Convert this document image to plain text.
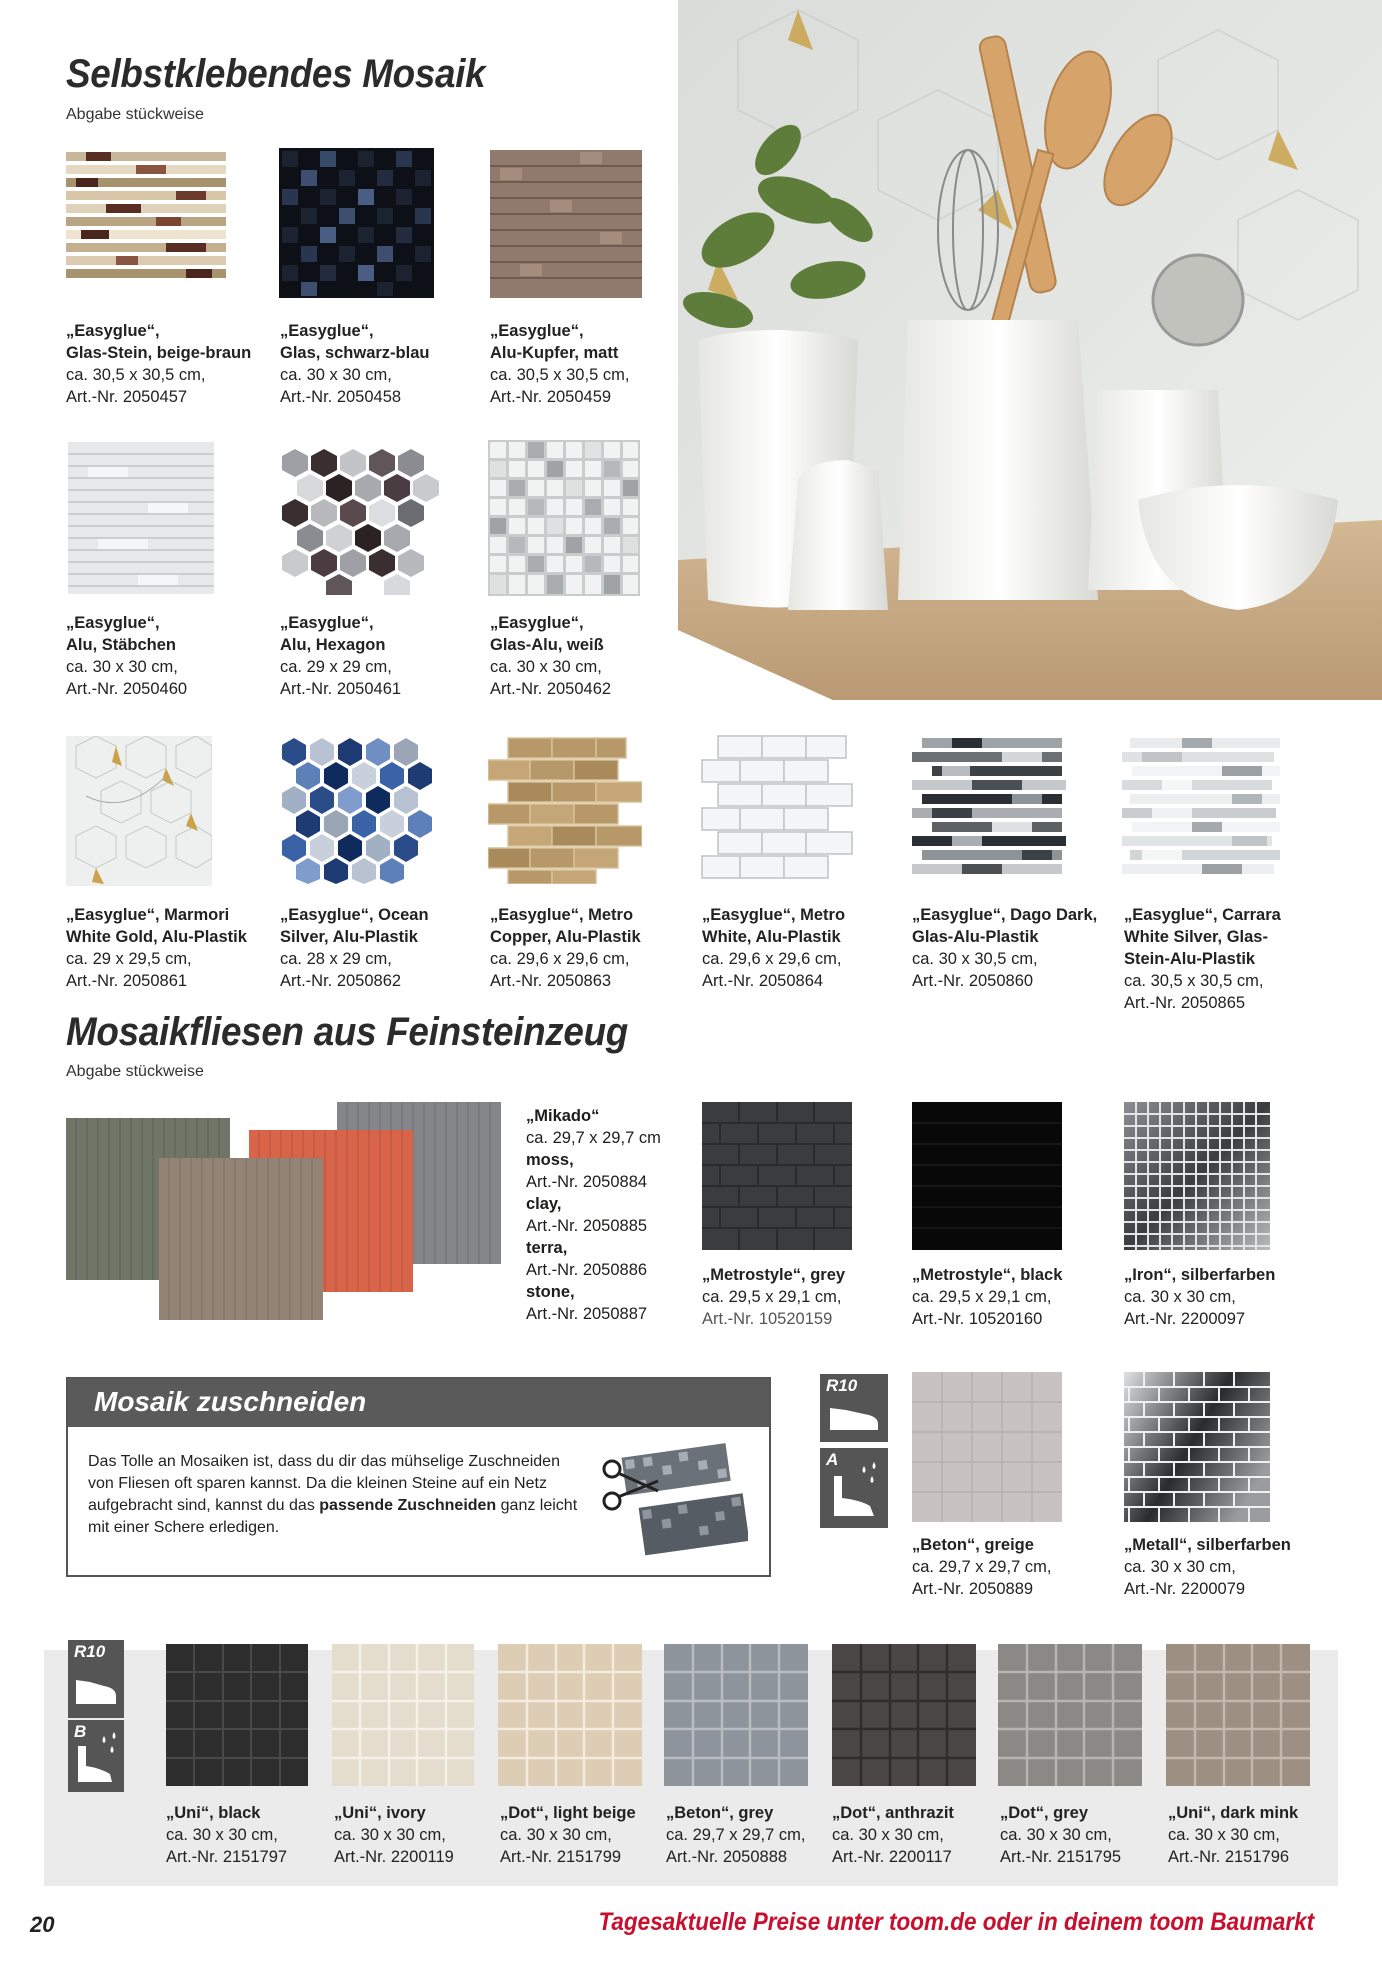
Selbstklebendes Mosaik
Abgabe stückweise
„Easyglue“,
Glas-Stein, beige-braun
ca. 30,5 x 30,5 cm,
Art.-Nr. 2050457
„Easyglue“,
Glas, schwarz-blau
ca. 30 x 30 cm,
Art.-Nr. 2050458
„Easyglue“,
Alu-Kupfer, matt
ca. 30,5 x 30,5 cm,
Art.-Nr. 2050459
„Easyglue“,
Alu, Stäbchen
ca. 30 x 30 cm,
Art.-Nr. 2050460
„Easyglue“,
Alu, Hexagon
ca. 29 x 29 cm,
Art.-Nr. 2050461
„Easyglue“,
Glas-Alu, weiß
ca. 30 x 30 cm,
Art.-Nr. 2050462
„Easyglue“, Marmori
White Gold, Alu-Plastik
ca. 29 x 29,5 cm,
Art.-Nr. 2050861
„Easyglue“, Ocean
Silver, Alu-Plastik
ca. 28 x 29 cm,
Art.-Nr. 2050862
„Easyglue“, Metro
Copper, Alu-Plastik
ca. 29,6 x 29,6 cm,
Art.-Nr. 2050863
„Easyglue“, Metro
White, Alu-Plastik
ca. 29,6 x 29,6 cm,
Art.-Nr. 2050864
„Easyglue“, Dago Dark,
Glas-Alu-Plastik
ca. 30 x 30,5 cm,
Art.-Nr. 2050860
„Easyglue“, Carrara
White Silver, Glas-
Stein-Alu-Plastik
ca. 30,5 x 30,5 cm,
Art.-Nr. 2050865
Mosaikfliesen aus Feinsteinzeug
Abgabe stückweise
„Mikado“
ca. 29,7 x 29,7 cm
moss,
Art.-Nr. 2050884
clay,
Art.-Nr. 2050885
terra,
Art.-Nr. 2050886
stone,
Art.-Nr. 2050887
„Metrostyle“, grey
ca. 29,5 x 29,1 cm,
Art.-Nr. 10520159
„Metrostyle“, black
ca. 29,5 x 29,1 cm,
Art.-Nr. 10520160
„Iron“, silberfarben
ca. 30 x 30 cm,
Art.-Nr. 2200097
Mosaik zuschneiden
Das Tolle an Mosaiken ist, dass du dir das mühselige Zuschneiden von Fliesen oft sparen kannst. Da die kleinen Steine auf ein Netz aufgebracht sind, kannst du das passende Zuschneiden ganz leicht mit einer Schere erledigen.
R10
A
„Beton“, greige
ca. 29,7 x 29,7 cm,
Art.-Nr. 2050889
„Metall“, silberfarben
ca. 30 x 30 cm,
Art.-Nr. 2200079
R10
B
„Uni“, black
ca. 30 x 30 cm,
Art.-Nr. 2151797
„Uni“, ivory
ca. 30 x 30 cm,
Art.-Nr. 2200119
„Dot“, light beige
ca. 30 x 30 cm,
Art.-Nr. 2151799
„Beton“, grey
ca. 29,7 x 29,7 cm,
Art.-Nr. 2050888
„Dot“, anthrazit
ca. 30 x 30 cm,
Art.-Nr. 2200117
„Dot“, grey
ca. 30 x 30 cm,
Art.-Nr. 2151795
„Uni“, dark mink
ca. 30 x 30 cm,
Art.-Nr. 2151796
20	Tagesaktuelle Preise unter toom.de oder in deinem toom Baumarkt
